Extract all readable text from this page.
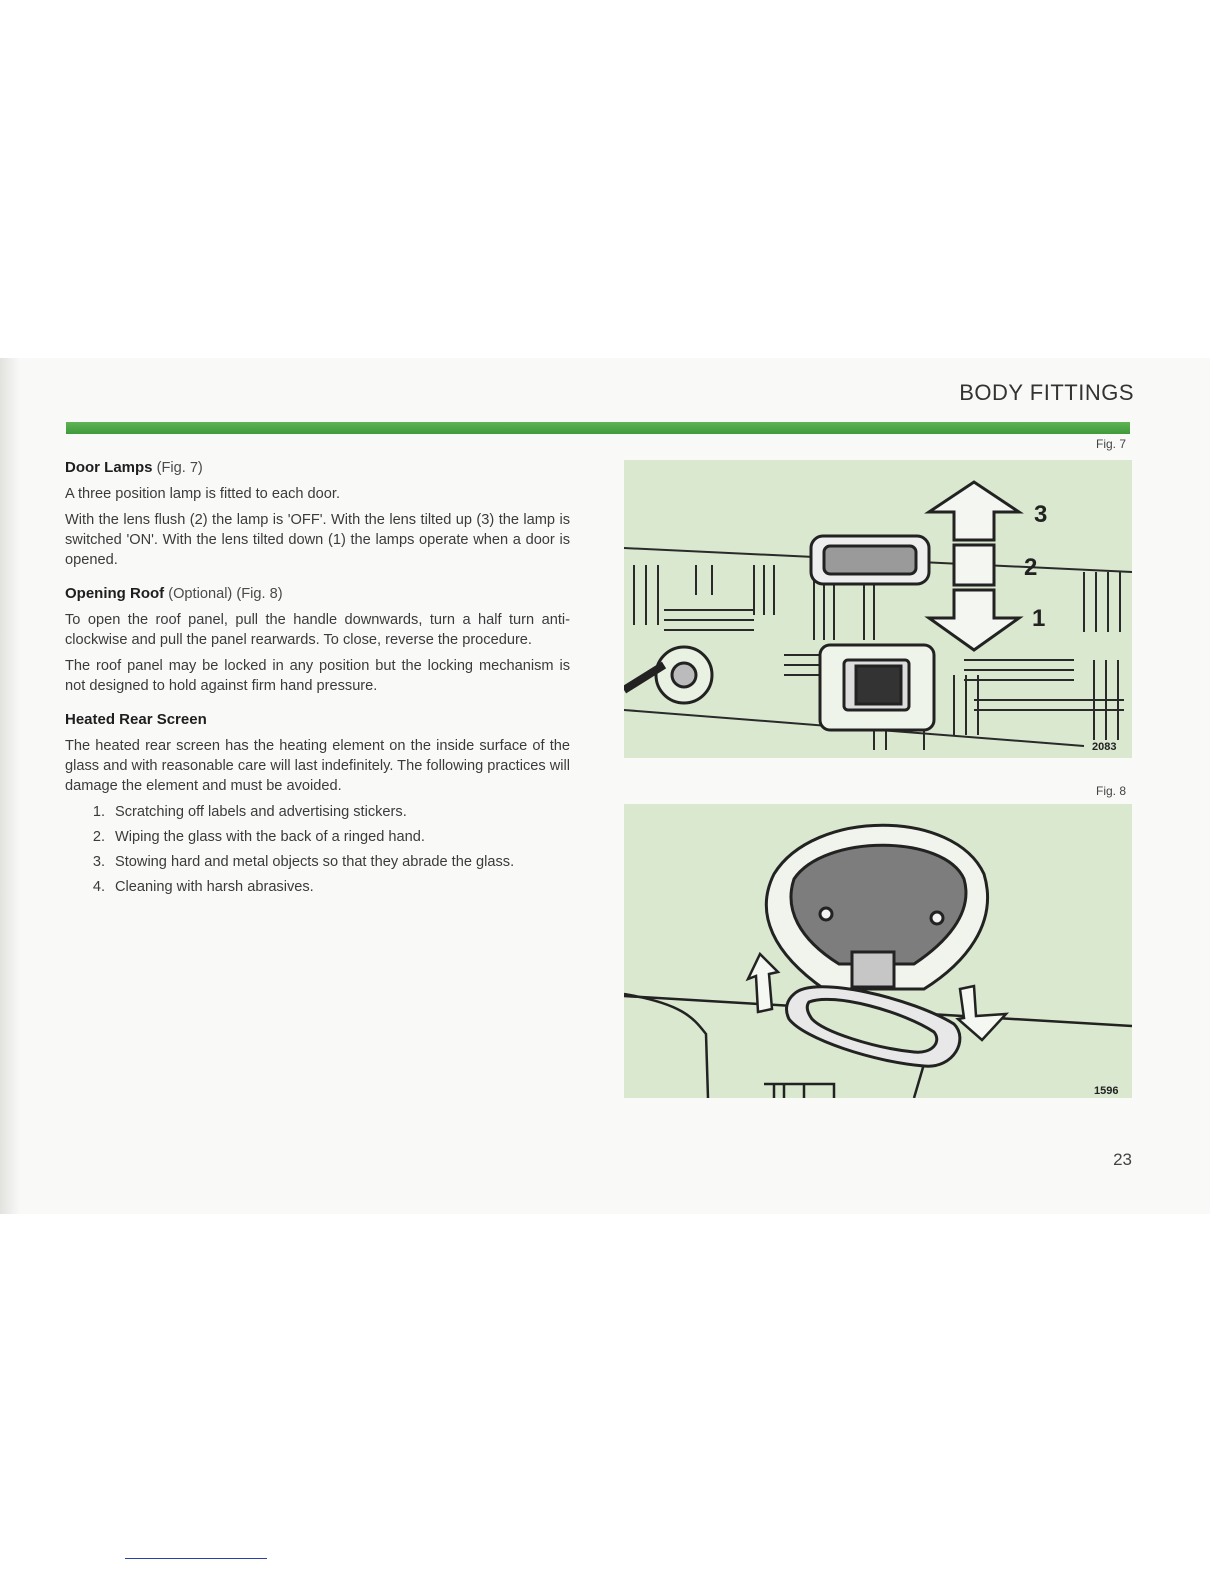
BODY FITTINGS

Door Lamps (Fig. 7)

A three position lamp is fitted to each door.

With the lens flush (2) the lamp is 'OFF'. With the lens tilted up (3) the lamp is switched 'ON'. With the lens tilted down (1) the lamps operate when a door is opened.

Opening Roof (Optional) (Fig. 8)

To open the roof panel, pull the handle downwards, turn a half turn anti-clockwise and pull the panel rearwards. To close, reverse the procedure.

The roof panel may be locked in any position but the locking mechanism is not designed to hold against firm hand pressure.

Heated Rear Screen

The heated rear screen has the heating element on the inside surface of the glass and with reasonable care will last indefinitely. The following practices will damage the element and must be avoided.

1. Scratching off labels and advertising stickers.
2. Wiping the glass with the back of a ringed hand.
3. Stowing hard and metal objects so that they abrade the glass.
4. Cleaning with harsh abrasives.
Fig. 7
3
2
1
2083
Fig. 8
1596
23
